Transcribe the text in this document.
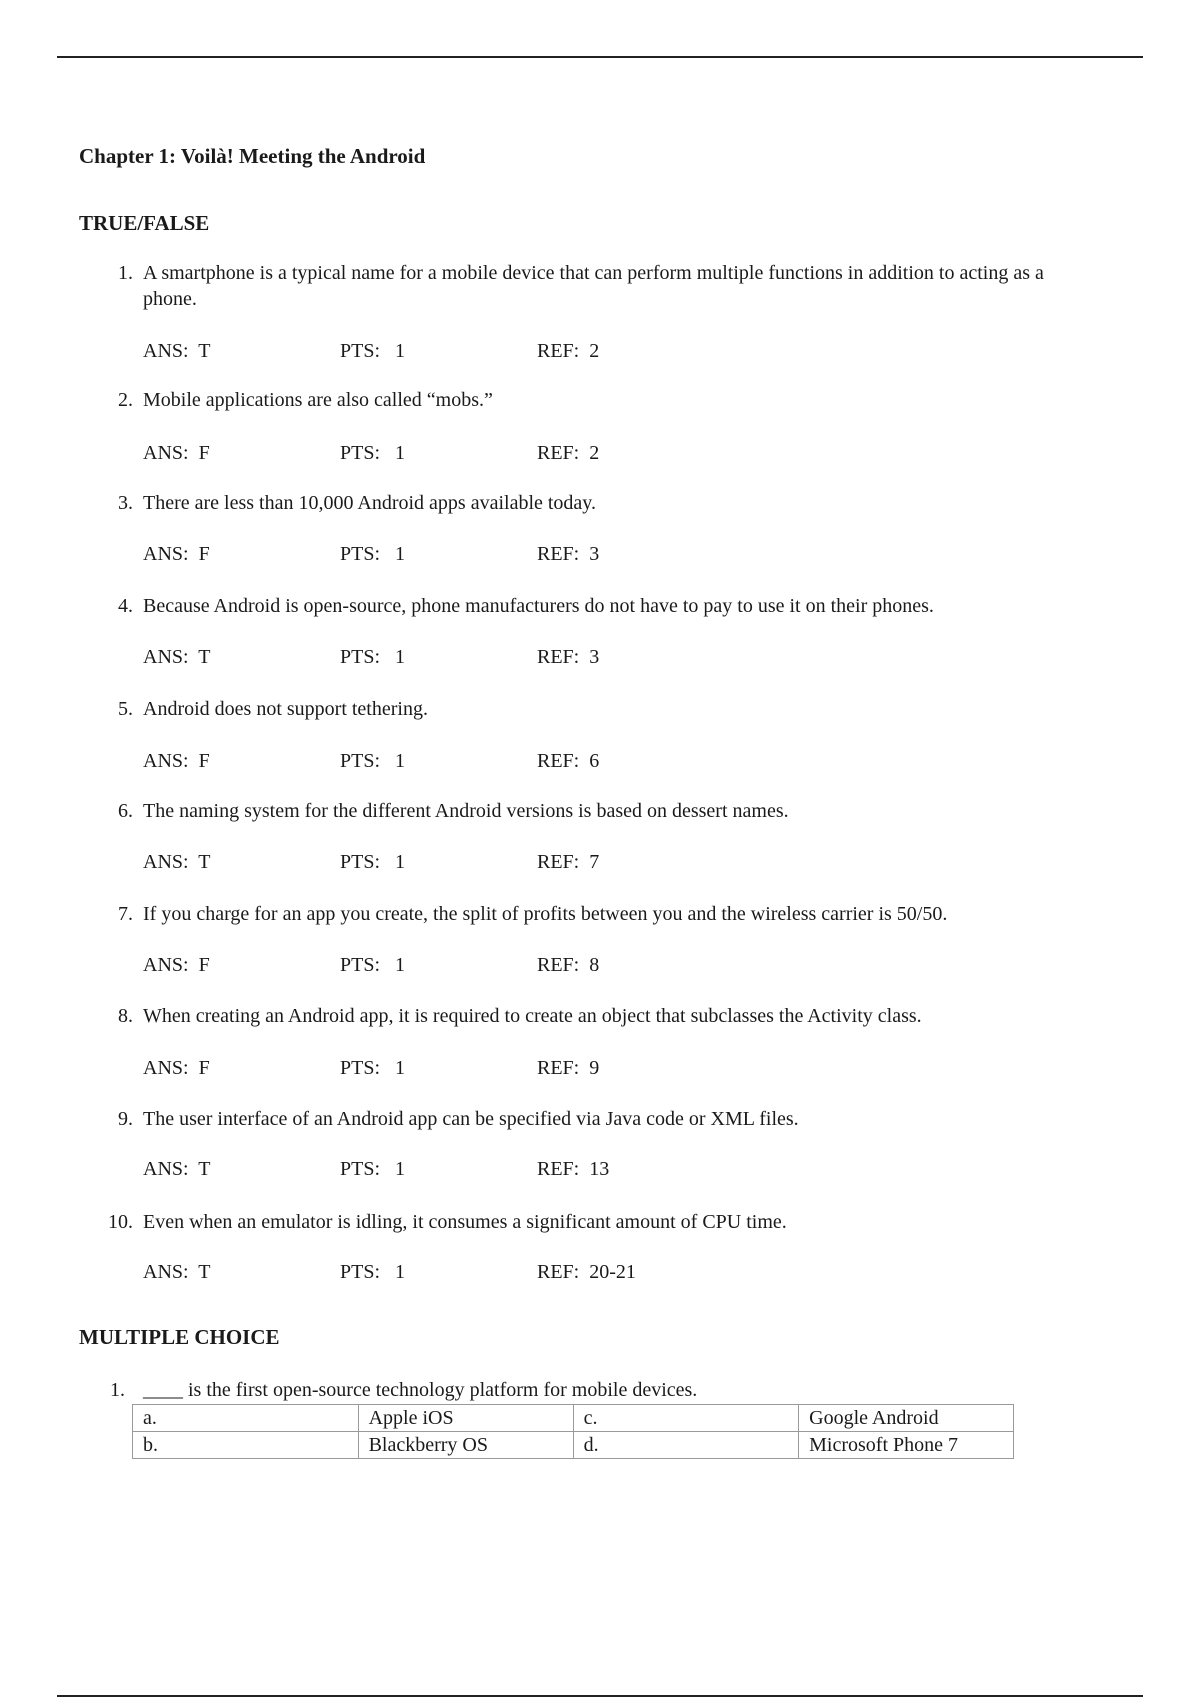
Chapter 1: Voilà! Meeting the Android
TRUE/FALSE
1. A smartphone is a typical name for a mobile device that can perform multiple functions in addition to acting as a phone.
ANS: T	PTS: 1	REF: 2
2. Mobile applications are also called “mobs.”
ANS: F	PTS: 1	REF: 2
3. There are less than 10,000 Android apps available today.
ANS: F	PTS: 1	REF: 3
4. Because Android is open-source, phone manufacturers do not have to pay to use it on their phones.
ANS: T	PTS: 1	REF: 3
5. Android does not support tethering.
ANS: F	PTS: 1	REF: 6
6. The naming system for the different Android versions is based on dessert names.
ANS: T	PTS: 1	REF: 7
7. If you charge for an app you create, the split of profits between you and the wireless carrier is 50/50.
ANS: F	PTS: 1	REF: 8
8. When creating an Android app, it is required to create an object that subclasses the Activity class.
ANS: F	PTS: 1	REF: 9
9. The user interface of an Android app can be specified via Java code or XML files.
ANS: T	PTS: 1	REF: 13
10. Even when an emulator is idling, it consumes a significant amount of CPU time.
ANS: T	PTS: 1	REF: 20-21
MULTIPLE CHOICE
1. ____ is the first open-source technology platform for mobile devices.
a.	Apple iOS	c.	Google Android
b.	Blackberry OS	d.	Microsoft Phone 7
